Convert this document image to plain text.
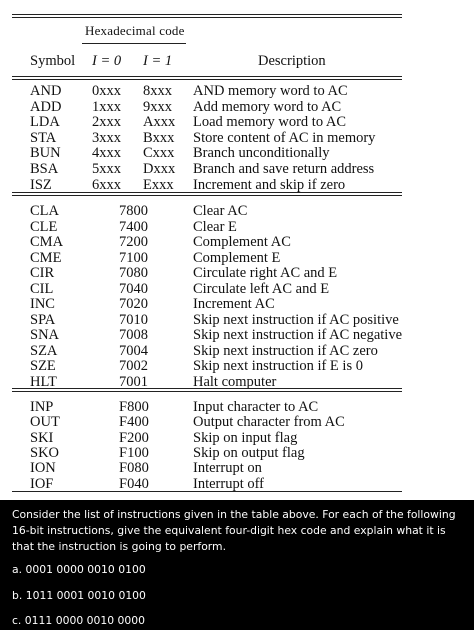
Hexadecimal code
Symbol I = 0 I = 1	Description
AND 0xxx 8xxx AND memory word to AC
ADD 1xxx 9xxx Add memory word to AC
LDA 2xxx Axxx Load memory word to AC
STA 3xxx Bxxx Store content of AC in memory
BUN 4xxx Cxxx Branch unconditionally
BSA 5xxx Dxxx Branch and save return address
ISZ	6xxx Exxx Increment and skip if zero
CLA	7800	Clear AC
CLE	7400	Clear E
CMA	7200	Complement AC
CME	7100	Complement E
CIR	7080	Circulate right AC and E
CIL	7040	Circulate left AC and E
INC	7020	Increment AC
SPA	7010	Skip next instruction if AC positive
SNA	7008	Skip next instruction if AC negative
SZA	7004	Skip next instruction if AC zero
SZE	7002	Skip next instruction if E is 0
HLT	7001	Halt computer
INP	F800	Input character to AC
OUT	F400	Output character from AC
SKI	F200	Skip on input flag
SKO	F100	Skip on output flag
ION	F080	Interrupt on
IOF	F040	Interrupt off
Consider the list of instructions given in the table above. For each of the following 16-bit instructions, give the equivalent four-digit hex code and explain what it is that the instruction is going to perform.
a. 0001 0000 0010 0100
b. 1011 0001 0010 0100
c. 0111 0000 0010 0000
